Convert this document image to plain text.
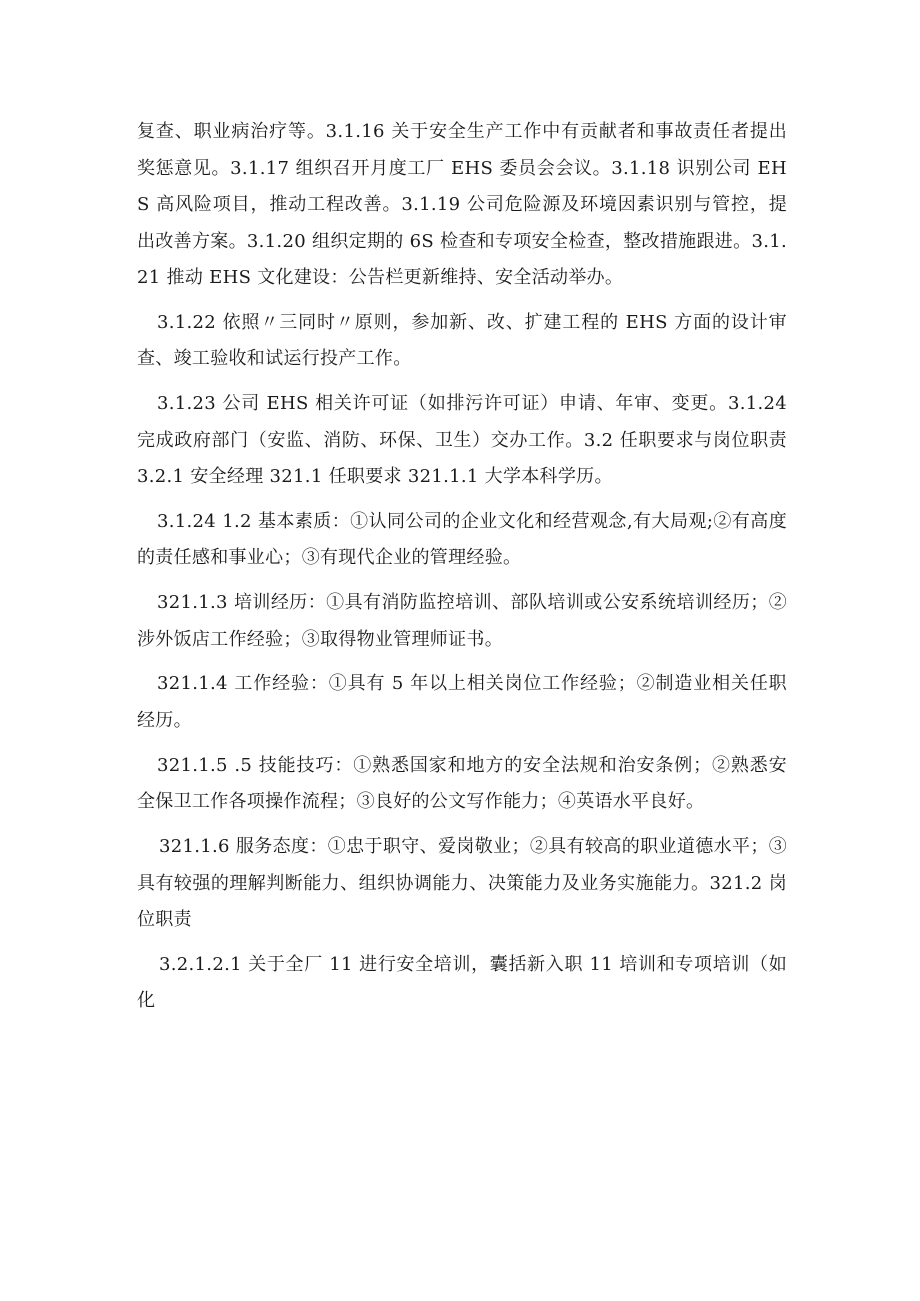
复查、职业病治疗等。3.1.16 关于安全生产工作中有贡献者和事故责任者提出奖惩意见。3.1.17 组织召开月度工厂 EHS 委员会会议。3.1.18 识别公司 EHS 高风险项目，推动工程改善。3.1.19 公司危险源及环境因素识别与管控，提出改善方案。3.1.20 组织定期的 6S 检查和专项安全检查，整改措施跟进。3.1.21 推动 EHS 文化建设：公告栏更新维持、安全活动举办。

3.1.22 依照〃三同时〃原则，参加新、改、扩建工程的 EHS 方面的设计审查、竣工验收和试运行投产工作。

3.1.23 公司 EHS 相关许可证（如排污许可证）申请、年审、变更。3.1.24 完成政府部门（安监、消防、环保、卫生）交办工作。3.2 任职要求与岗位职责 3.2.1 安全经理 321.1 任职要求 321.1.1 大学本科学历。

3.1.24 1.2 基本素质：①认同公司的企业文化和经营观念,有大局观;②有高度的责任感和事业心；③有现代企业的管理经验。

321.1.3 培训经历：①具有消防监控培训、部队培训或公安系统培训经历；②涉外饭店工作经验；③取得物业管理师证书。

321.1.4 工作经验：①具有 5 年以上相关岗位工作经验；②制造业相关任职经历。

321.1.5 .5 技能技巧：①熟悉国家和地方的安全法规和治安条例；②熟悉安全保卫工作各项操作流程；③良好的公文写作能力；④英语水平良好。

321.1.6 服务态度：①忠于职守、爱岗敬业；②具有较高的职业道德水平；③具有较强的理解判断能力、组织协调能力、决策能力及业务实施能力。321.2 岗位职责

3.2.1.2.1 关于全厂 11 进行安全培训，囊括新入职 11 培训和专项培训（如化
